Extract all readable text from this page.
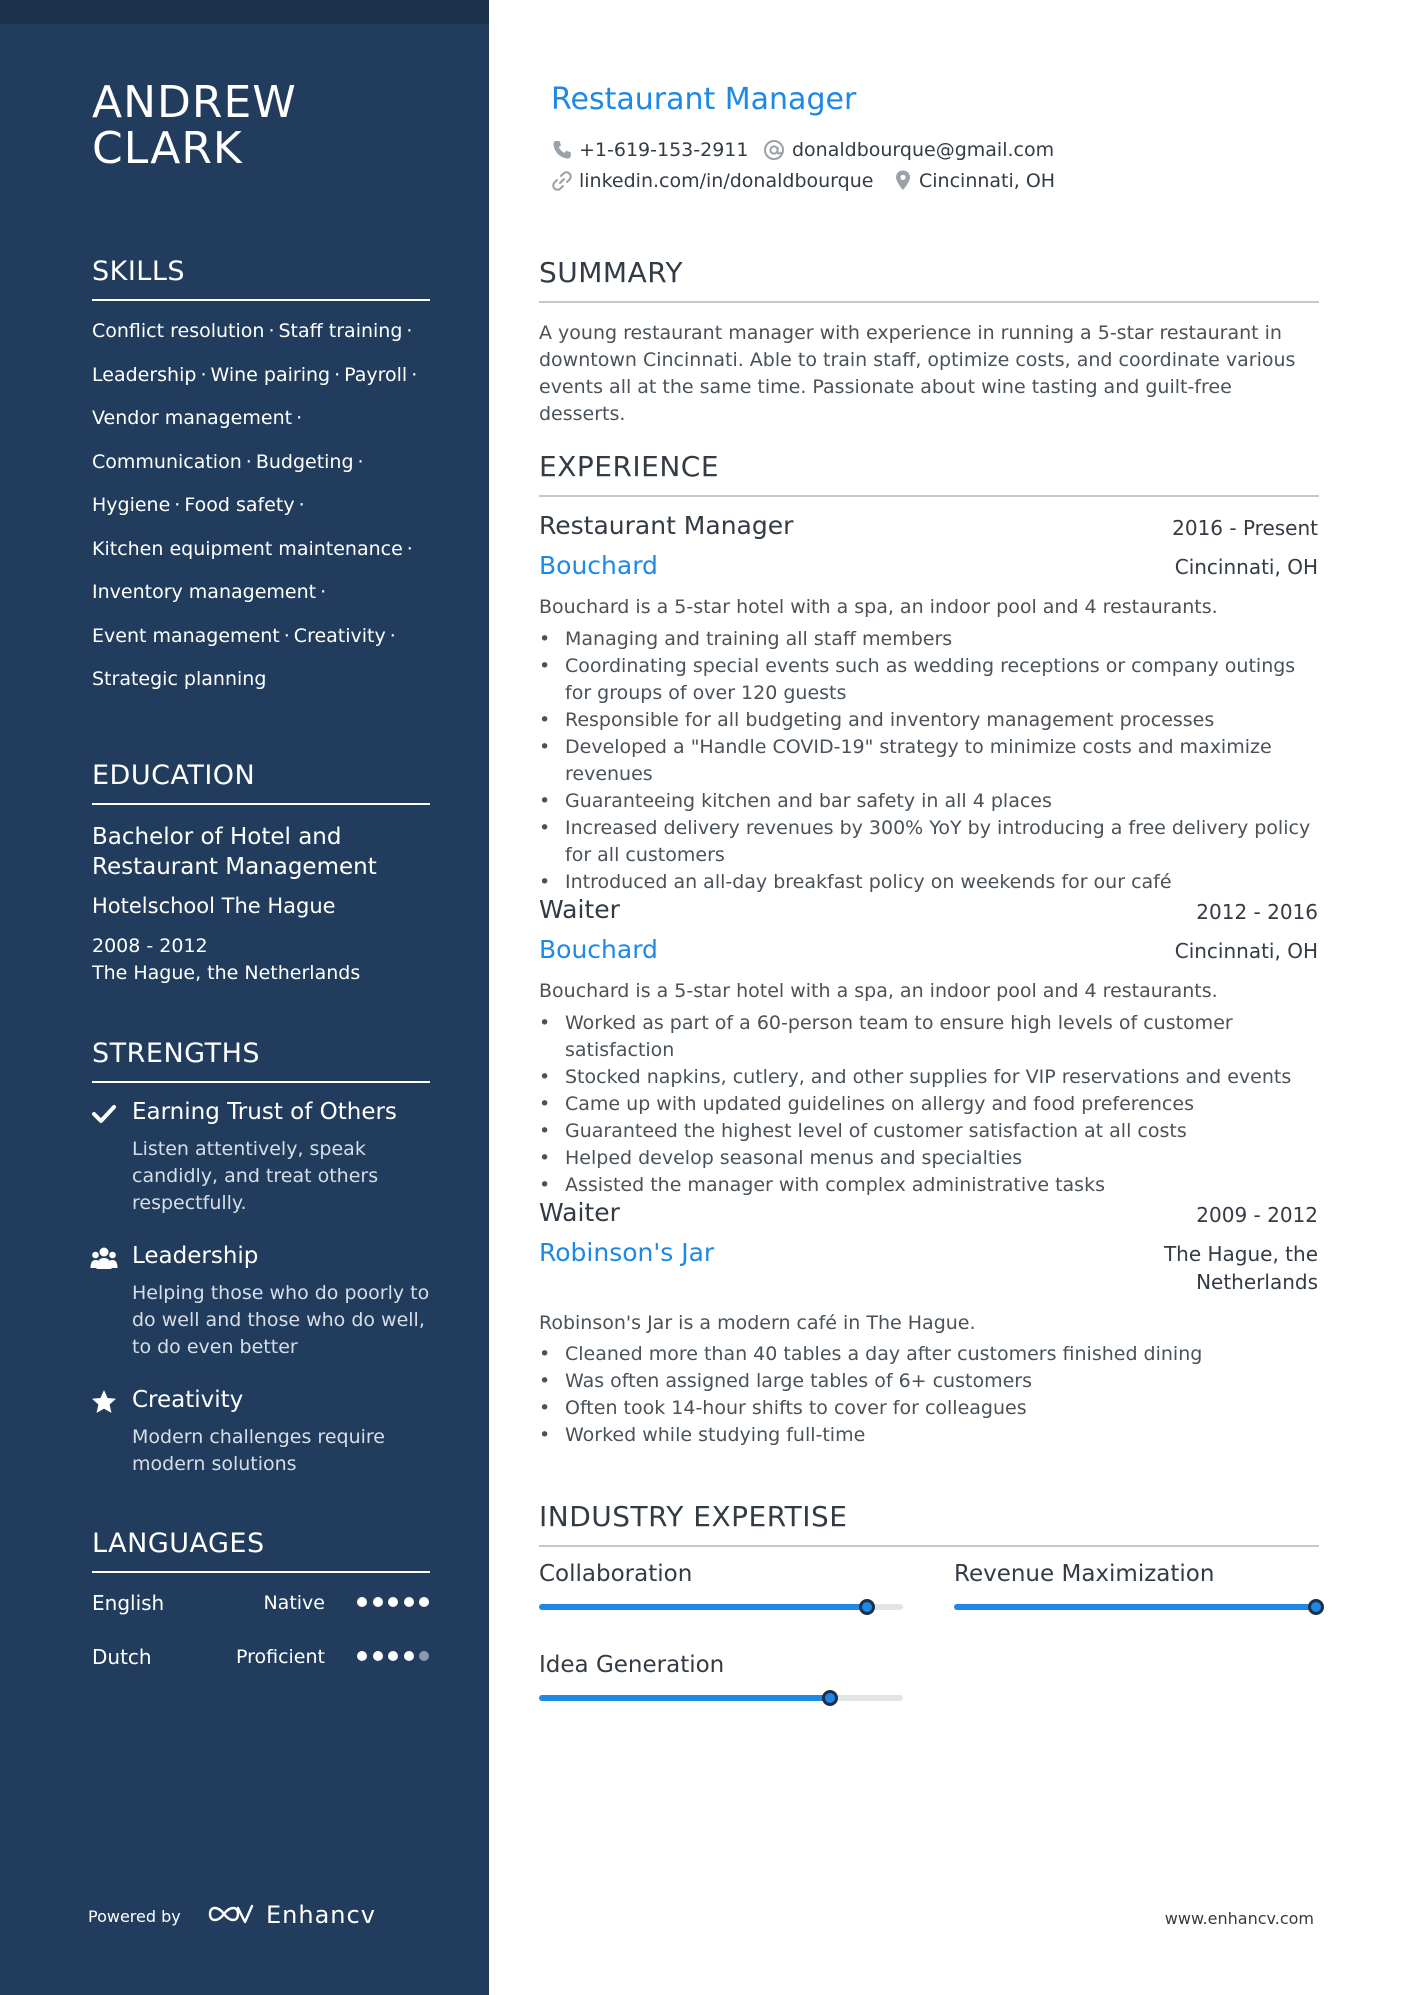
ANDREW
CLARK
SKILLS
Conflict resolution · Staff training ·
Leadership · Wine pairing · Payroll ·
Vendor management ·
Communication · Budgeting ·
Hygiene · Food safety ·
Kitchen equipment maintenance ·
Inventory management ·
Event management · Creativity ·
Strategic planning
EDUCATION
Bachelor of Hotel and Restaurant Management
Hotelschool The Hague
2008 - 2012
The Hague, the Netherlands
STRENGTHS
Earning Trust of Others
Listen attentively, speak candidly, and treat others respectfully.
Leadership
Helping those who do poorly to do well and those who do well, to do even better
Creativity
Modern challenges require modern solutions
LANGUAGES
English	Native
Dutch	Proficient
Powered by	Enhancv
Restaurant Manager
+1-619-153-2911 donaldbourque@gmail.com
linkedin.com/in/donaldbourque Cincinnati, OH
SUMMARY
A young restaurant manager with experience in running a 5-star restaurant in downtown Cincinnati. Able to train staff, optimize costs, and coordinate various events all at the same time. Passionate about wine tasting and guilt-free desserts.
EXPERIENCE
Restaurant Manager	2016 - Present
Bouchard	Cincinnati, OH
Bouchard is a 5-star hotel with a spa, an indoor pool and 4 restaurants.
• Managing and training all staff members
• Coordinating special events such as wedding receptions or company outings for groups of over 120 guests
• Responsible for all budgeting and inventory management processes
• Developed a "Handle COVID-19" strategy to minimize costs and maximize revenues
• Guaranteeing kitchen and bar safety in all 4 places
• Increased delivery revenues by 300% YoY by introducing a free delivery policy for all customers
• Introduced an all-day breakfast policy on weekends for our café
Waiter	2012 - 2016
Bouchard	Cincinnati, OH
Bouchard is a 5-star hotel with a spa, an indoor pool and 4 restaurants.
• Worked as part of a 60-person team to ensure high levels of customer satisfaction
• Stocked napkins, cutlery, and other supplies for VIP reservations and events
• Came up with updated guidelines on allergy and food preferences
• Guaranteed the highest level of customer satisfaction at all costs
• Helped develop seasonal menus and specialties
• Assisted the manager with complex administrative tasks
Waiter	2009 - 2012
Robinson's Jar	The Hague, the Netherlands
Robinson's Jar is a modern café in The Hague.
• Cleaned more than 40 tables a day after customers finished dining
• Was often assigned large tables of 6+ customers
• Often took 14-hour shifts to cover for colleagues
• Worked while studying full-time
INDUSTRY EXPERTISE
Collaboration	Revenue Maximization
Idea Generation
www.enhancv.com
